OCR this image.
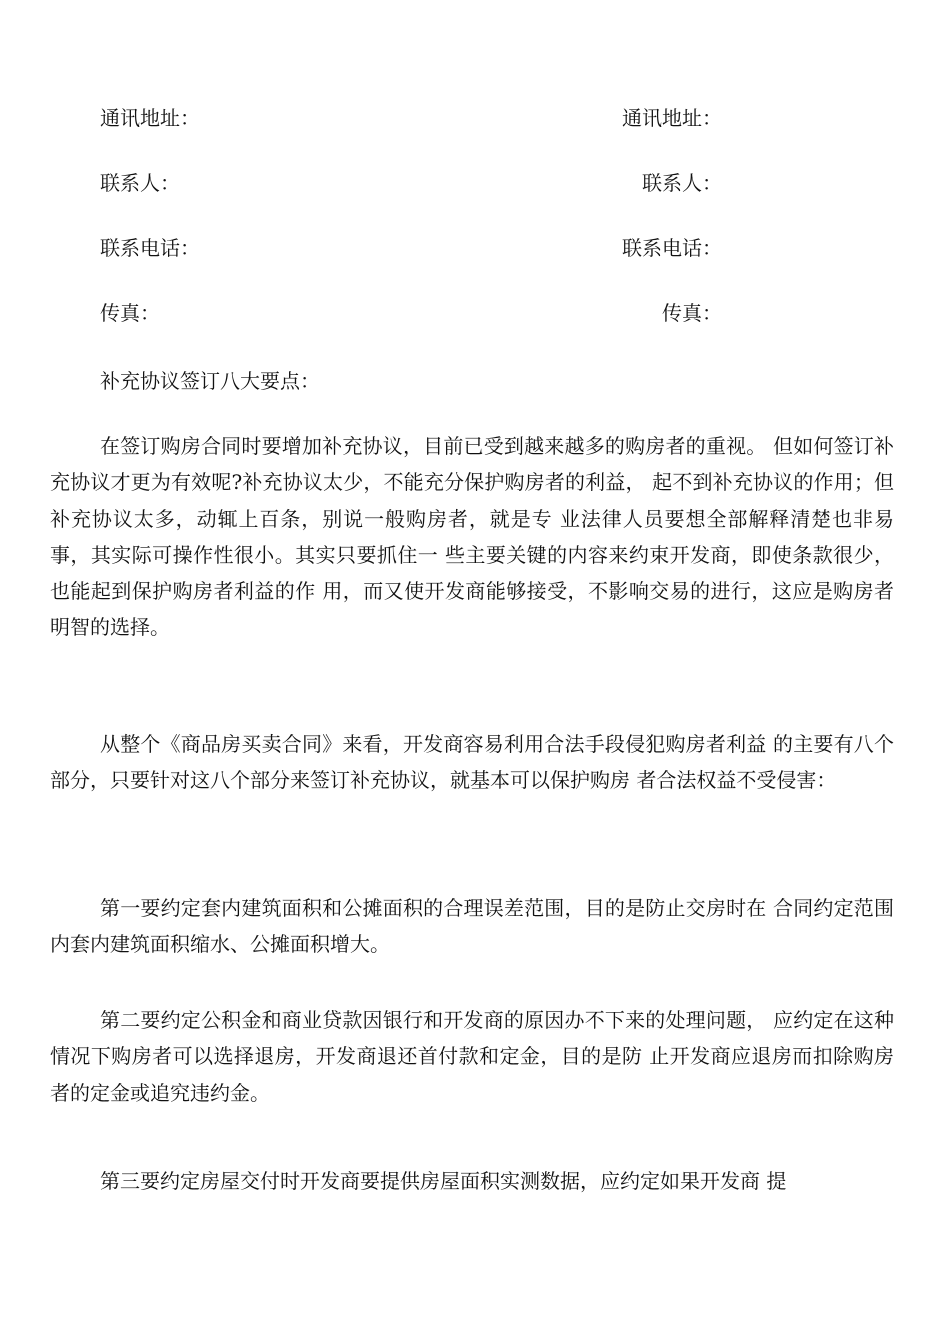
通讯地址：	通讯地址：
联系人：	联系人：
联系电话：	联系电话：
传真：	传真：
补充协议签订八大要点：

在签订购房合同时要增加补充协议，目前已受到越来越多的购房者的重视。 但如何签订补充协议才更为有效呢?补充协议太少，不能充分保护购房者的利益， 起不到补充协议的作用；但补充协议太多，动辄上百条，别说一般购房者，就是专 业法律人员要想全部解释清楚也非易事，其实际可操作性很小。其实只要抓住一 些主要关键的内容来约束开发商，即使条款很少，也能起到保护购房者利益的作 用，而又使开发商能够接受，不影响交易的进行，这应是购房者明智的选择。

从整个《商品房买卖合同》来看，开发商容易利用合法手段侵犯购房者利益 的主要有八个部分，只要针对这八个部分来签订补充协议，就基本可以保护购房 者合法权益不受侵害：

第一要约定套内建筑面积和公摊面积的合理误差范围，目的是防止交房时在 合同约定范围内套内建筑面积缩水、公摊面积增大。

第二要约定公积金和商业贷款因银行和开发商的原因办不下来的处理问题， 应约定在这种情况下购房者可以选择退房，开发商退还首付款和定金，目的是防 止开发商应退房而扣除购房者的定金或追究违约金。

第三要约定房屋交付时开发商要提供房屋面积实测数据，应约定如果开发商 提
